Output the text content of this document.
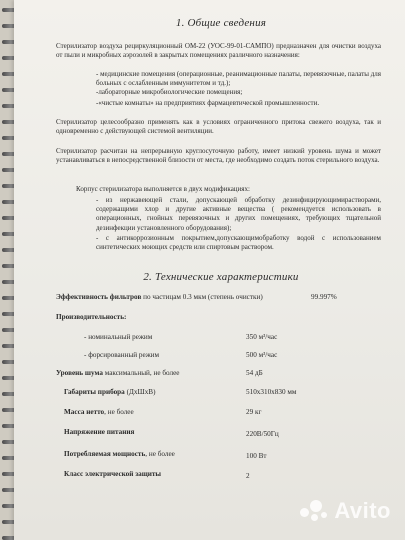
1. Общие сведения
Стерилизатор воздуха рециркуляционный ОМ-22 (УОС-99-01-САМПО) предназначен для очистки воздуха от пыли и микробных аэрозолей в закрытых помещениях различного назначения:
- медицинские помещения (операционные, реанимационные палаты, перевязочные, палаты для больных с ослабленным иммунитетом и тд.);
-лабораторные микробиологические помещения;
-«чистые комнаты» на предприятиях фармацевтической промышленности.
Стерилизатор целесообразно применять как в условиях ограниченного притока свежего воздуха, так и одновременно с действующей системой вентиляции.
Стерилизатор расчитан на непрерывную круглосуточную работу, имеет низкий уровень шума и может устанавливаться в непосредственной близости от места, где необходимо создать поток стерильного воздуха.
Корпус стерилизатора выполняется в двух модификациях:
- из нержавеющей стали, допускающей обработку дезинфицирующимирастворами, содержащими хлор и другие активные вещества ( рекомендуется использовать в операционных, гнойных перевязочных и других помещениях, требующих тщательной дезинфекции установленного оборудования);
- с антикоррозионным покрытием,допускающимобработку водой с использованием синтетических моющих средств или спиртовым раствором.
2. Технические характеристики
Эффективность фильтров по частицам 0.3 мкм (степень очистки)	99.997%
Производительность:
- номинальный режим	350 м³/час
- форсированный режим	500 м³/час
Уровень шума максимальный, не более	54 дБ
Габариты прибора (ДхШхВ)	510x310x830 мм
Масса нетто, не более	29 кг
Напряжение питания	220В/50Гц
Потребляемая мощность, не более	100 Вт
Класс электрической защиты	2
Avito
